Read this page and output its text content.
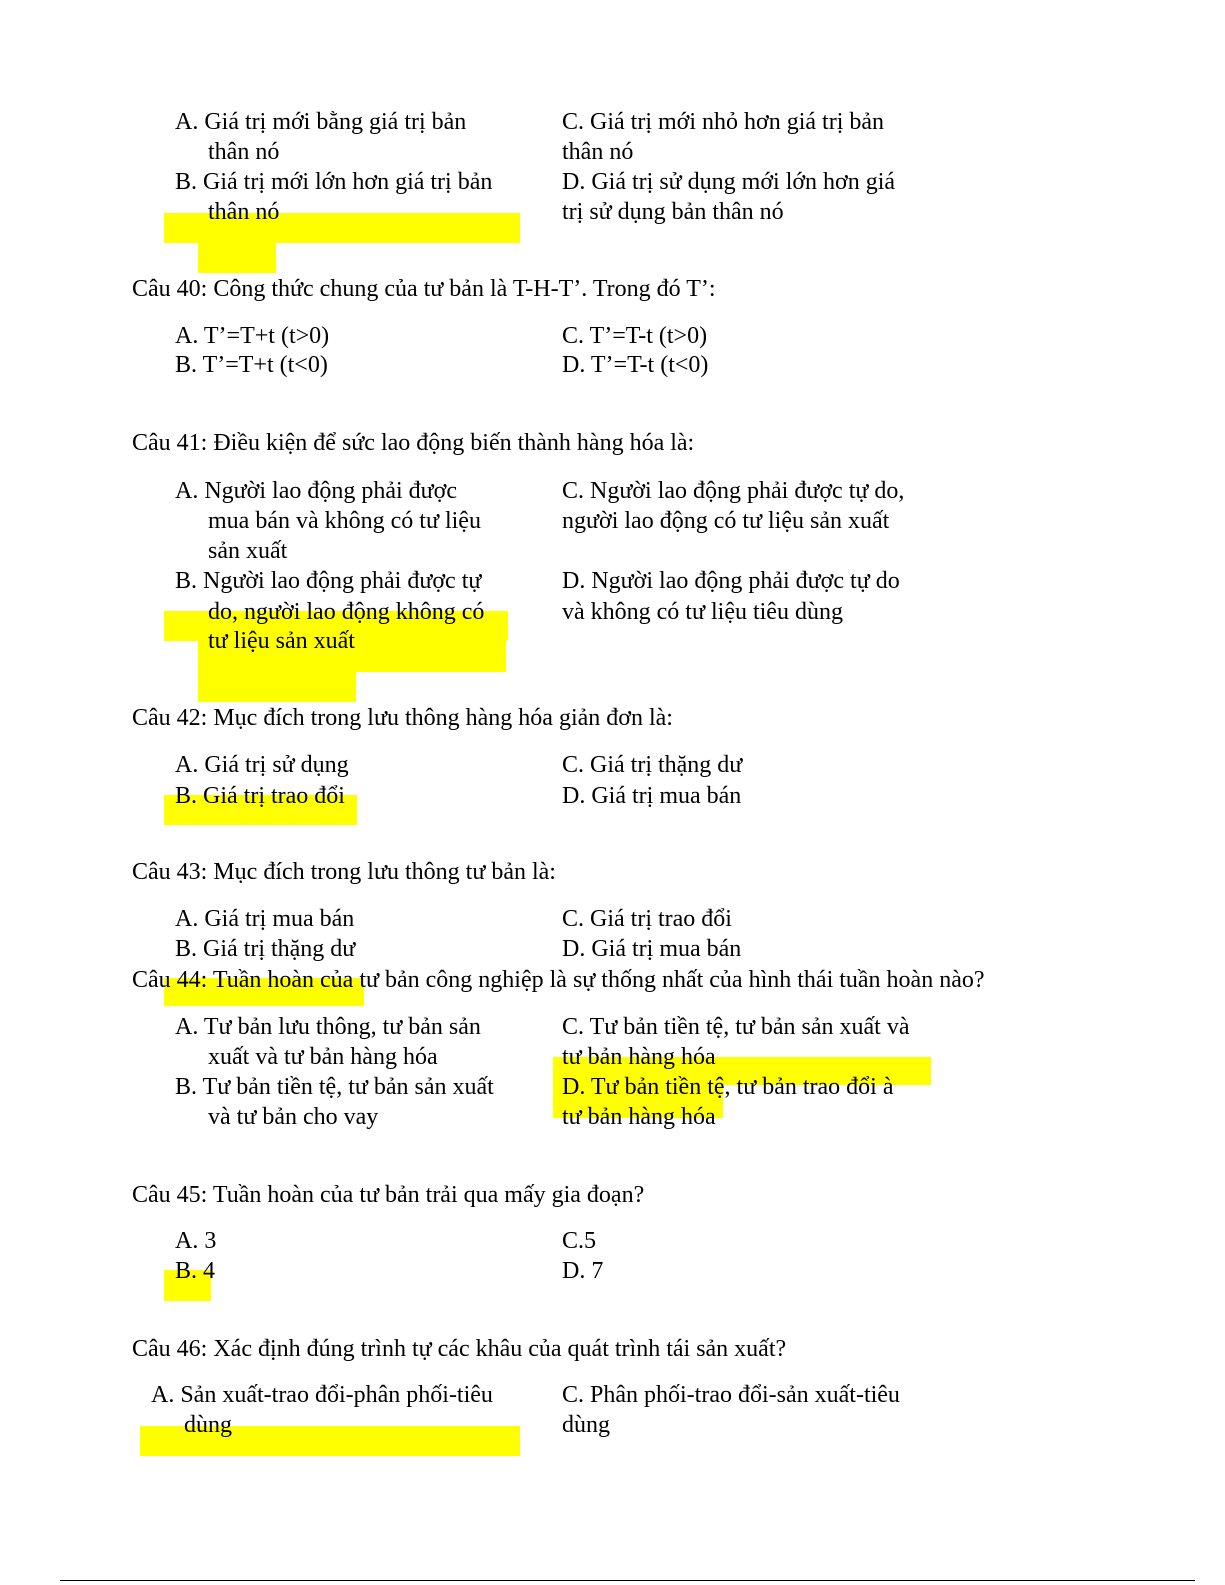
A. Giá trị mới bằng giá trị bản
thân nó
B. Giá trị mới lớn hơn giá trị bản
thân nó
C. Giá trị mới nhỏ hơn giá trị bản
thân nó
D. Giá trị sử dụng mới lớn hơn giá
trị sử dụng bản thân nó
Câu 40: Công thức chung của tư bản là T-H-T’. Trong đó T’:
A. T’=T+t (t>0)
B. T’=T+t (t<0)
C. T’=T-t (t>0)
D. T’=T-t (t<0)
Câu 41: Điều kiện để sức lao động biến thành hàng hóa là:
A. Người lao động phải được
mua bán và không có tư liệu
sản xuất
B. Người lao động phải được tự
do, người lao động không có
tư liệu sản xuất
C. Người lao động phải được tự do,
người lao động có tư liệu sản xuất
D. Người lao động phải được tự do
và không có tư liệu tiêu dùng
Câu 42: Mục đích trong lưu thông hàng hóa giản đơn là:
A. Giá trị sử dụng
B. Giá trị trao đổi
C. Giá trị thặng dư
D. Giá trị mua bán
Câu 43: Mục đích trong lưu thông tư bản là:
A. Giá trị mua bán
B. Giá trị thặng dư
C. Giá trị trao đổi
D. Giá trị mua bán
Câu 44: Tuần hoàn của tư bản công nghiệp là sự thống nhất của hình thái tuần hoàn nào?
A. Tư bản lưu thông, tư bản sản
xuất và tư bản hàng hóa
B. Tư bản tiền tệ, tư bản sản xuất
và tư bản cho vay
C. Tư bản tiền tệ, tư bản sản xuất và
tư bản hàng hóa
D. Tư bản tiền tệ, tư bản trao đổi à
tư bản hàng hóa
Câu 45: Tuần hoàn của tư bản trải qua mấy gia đoạn?
A. 3
B. 4
C.5
D. 7
Câu 46: Xác định đúng trình tự các khâu của quát trình tái sản xuất?
A. Sản xuất-trao đổi-phân phối-tiêu
dùng
C. Phân phối-trao đổi-sản xuất-tiêu
dùng
